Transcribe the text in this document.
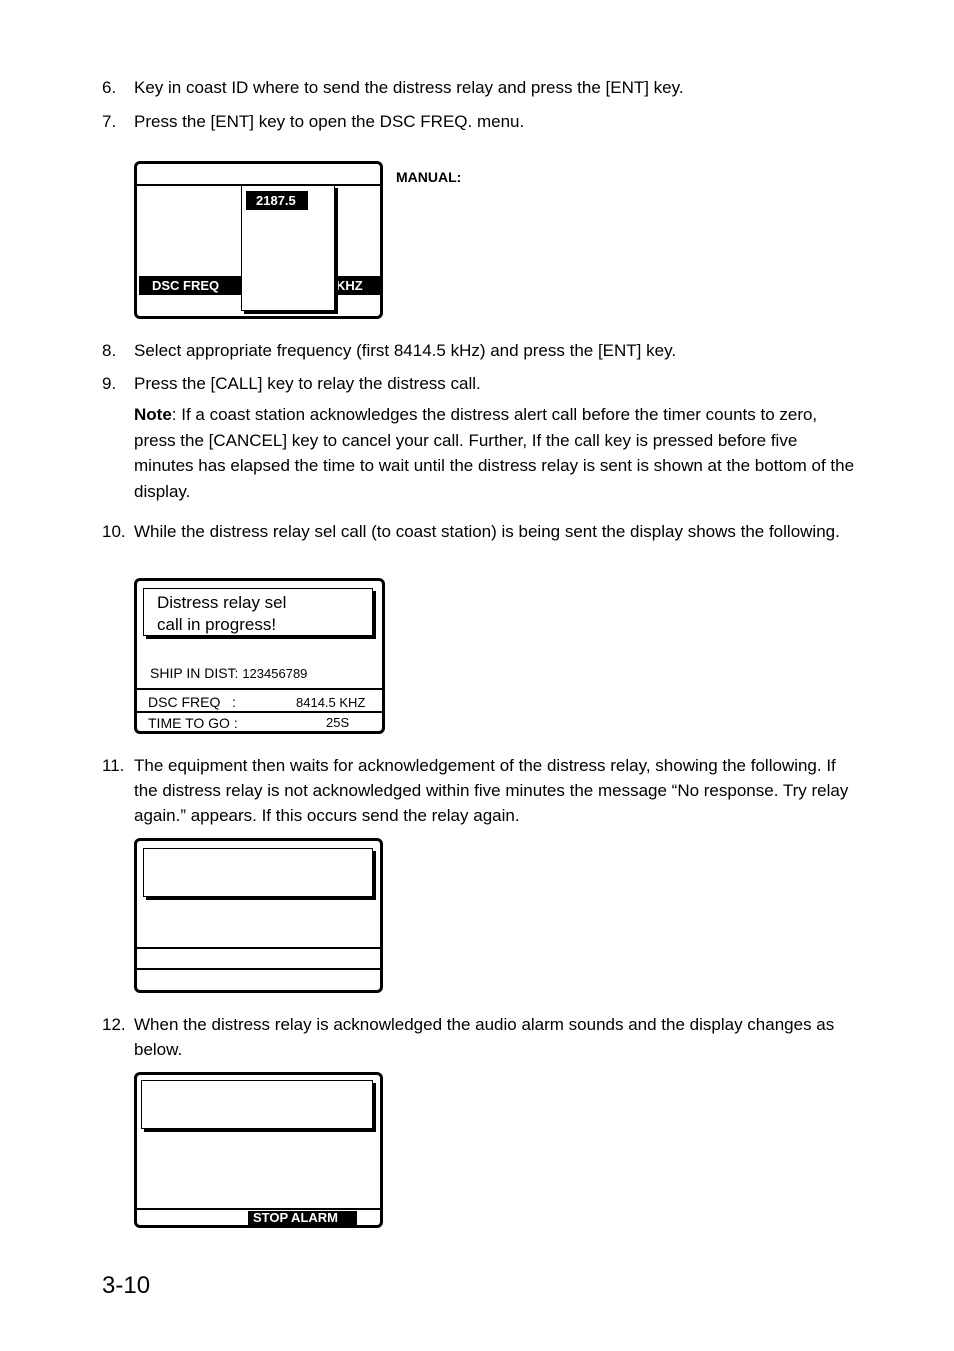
6. Key in coast ID where to send the distress relay and press the [ENT] key.
7. Press the [ENT] key to open the DSC FREQ. menu.
DSC FREQ	KHZ
2187.5
MANUAL:
8. Select appropriate frequency (first 8414.5 kHz) and press the [ENT] key.
9. Press the [CALL] key to relay the distress call.
Note: If a coast station acknowledges the distress alert call before the timer counts to zero, press the [CANCEL] key to cancel your call. Further, If the call key is pressed before five minutes has elapsed the time to wait until the distress relay is sent is shown at the bottom of the display.
10. While the distress relay sel call (to coast station) is being sent the display shows the following.
Distress relay sel
call in progress!
SHIP IN DIST: 123456789
DSC FREQ   :	8414.5 KHZ
TIME TO GO :	25S
11. The equipment then waits for acknowledgement of the distress relay, showing the following. If the distress relay is not acknowledged within five minutes the message “No response. Try relay again.” appears. If this occurs send the relay again.
12. When the distress relay is acknowledged the audio alarm sounds and the display changes as below.
STOP ALARM
3-10
